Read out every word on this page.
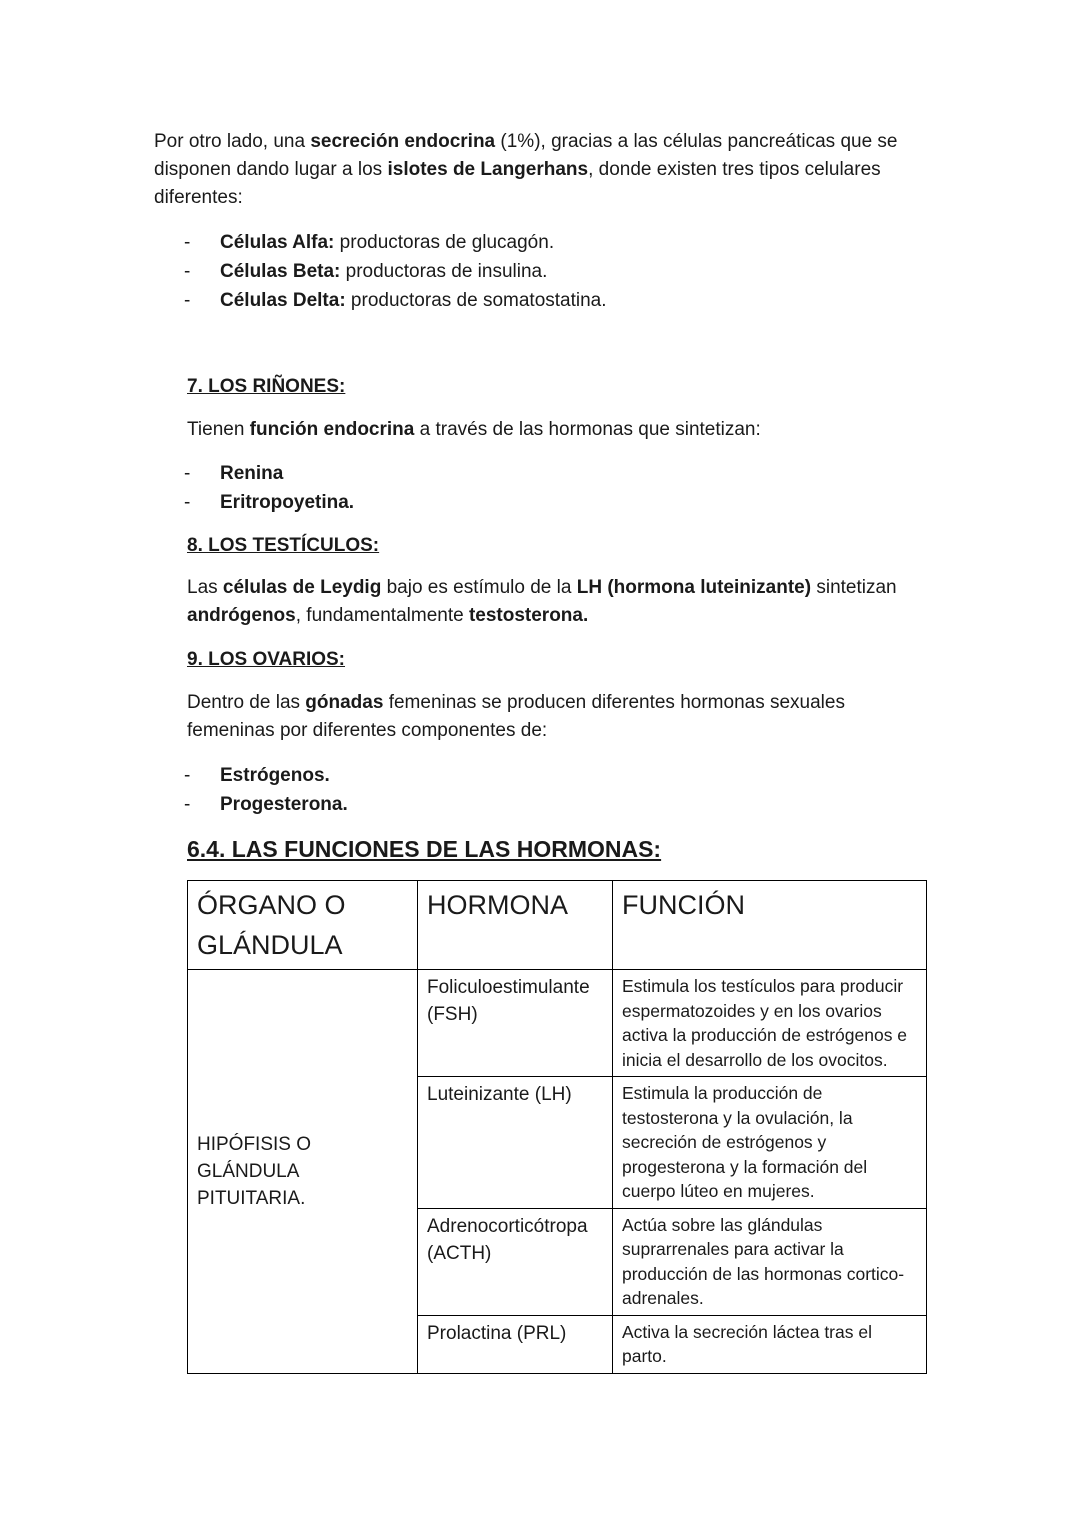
Por otro lado, una secreción endocrina (1%), gracias a las células pancreáticas que se disponen dando lugar a los islotes de Langerhans, donde existen tres tipos celulares diferentes:

- Células Alfa: productoras de glucagón.
- Células Beta: productoras de insulina.
- Células Delta: productoras de somatostatina.
7. LOS RIÑONES:

Tienen función endocrina a través de las hormonas que sintetizan:

- Renina
- Eritropoyetina.
8. LOS TESTÍCULOS:

Las células de Leydig bajo es estímulo de la LH (hormona luteinizante) sintetizan andrógenos, fundamentalmente testosterona.

9. LOS OVARIOS:

Dentro de las gónadas femeninas se producen diferentes hormonas sexuales femeninas por diferentes componentes de:

- Estrógenos.
- Progesterona.
6.4. LAS FUNCIONES DE LAS HORMONAS:
ÓRGANO O GLÁNDULA	HORMONA	FUNCIÓN
HIPÓFISIS O GLÁNDULA PITUITARIA.	Foliculoestimulante (FSH)	Estimula los testículos para producir espermatozoides y en los ovarios activa la producción de estrógenos e inicia el desarrollo de los ovocitos.
	Luteinizante (LH)	Estimula la producción de testosterona y la ovulación, la secreción de estrógenos y progesterona y la formación del cuerpo lúteo en mujeres.
	Adrenocorticótropa (ACTH)	Actúa sobre las glándulas suprarrenales para activar la producción de las hormonas cortico-adrenales.
	Prolactina (PRL)	Activa la secreción láctea tras el parto.
